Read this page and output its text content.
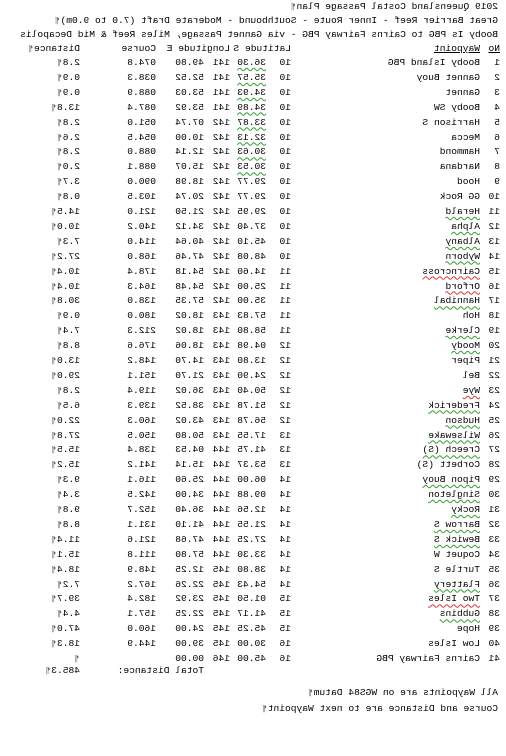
2019 Queensland Costal Passage Plan¶
Great Barrier Reef - Inner Route - Southbound - Moderate Draft (7.0 to 9.0m)¶
Booby Is PBG to Cairns Fairway PBG - via Gannet Passage, Miles Reef & Mid Decapolis
No
Waypoint
Latitude S
Longitude E
Course
Distance¶
1
Booby Island PBG
10
36.30
141
49.80
074.8
2.8¶
2
Gannet Buoy
10
35.57
141
52.52
038.3
0.9¶
3
Gannet
10
34.93
141
53.03
088.9
0.9¶
4
Booby SW
10
34.89
141
53.92
087.4
13.8¶
5
Harrison S
10
33.87
142
07.74
051.0
2.8¶
6
Mecca
10
32.13
142
10.00
054.5
2.6¶
7
Hammond
10
30.63
142
12.14
088.0
2.8¶
8
Nardana
10
30.53
142
15.07
088.1
2.0¶
9
Hood
10
29.77
142
18.98
090.0
3.7¶
10
GG Rock
10
29.77
142
20.74
103.5
0.8¶
11
Herald
10
29.95
142
21.50
121.0
14.5¶
12
Alpha
10
37.40
142
34.12
140.2
10.0¶
13
Albany
10
45.10
142
40.64
114.0
7.3¶
14
Wyborn
10
48.08
142
47.46
168.0
27.2¶
15
Cairncross
11
14.60
142
54.18
178.4
10.4¶
16
Orford
11
25.00
142
54.48
164.3
10.4¶
17
Hannibal
11
35.00
142
57.35
138.0
30.8¶
18
Hoh
11
57.83
143
18.02
180.0
0.9¶
19
Clerke
11
58.80
143
18.02
212.3
7.4¶
20
Moody
12
04.98
143
18.06
176.6
8.8¶
21
Piper
12
13.80
143
14.70
148.2
13.0¶
22
Bel
12
24.90
143
21.70
151.1
29.0¶
23
Wye
12
50.40
143
36.02
119.4
2.8¶
24
Frederick
12
51.78
143
38.52
139.3
6.5¶
25
Hudson
12
56.78
143
43.02
160.3
22.0¶
26
Wilsewake
13
17.55
143
50.80
150.5
27.8¶
27
Creech (S)
13
41.75
144
04.53
138.4
15.5¶
28
Corbett (S)
13
53.37
144
15.14
141.2
15.2¶
29
Pipon Buoy
14
06.00
144
25.60
116.1
9.3¶
30
Singleton
14
09.88
144
34.00
142.5
3.4¶
31
Rocky
14
12.56
144
36.40
152.7
9.8¶
32
Barrow S
14
21.55
144
41.10
131.1
8.8¶
33
Bewick S
14
27.25
144
47.68
121.6
11.4¶
34
Coquet W
14
33.30
144
57.80
111.8
15.1¶
35
Turtle S
14
38.80
145
12.25
148.9
18.4¶
36
Flattery
14
54.43
145
22.26
167.2
7.2¶
37
Two Isles
15
01.50
145
23.92
182.4
39.7¶
38
Gubbins
15
41.17
145
22.25
157.1
4.4¶
39
Hope
15
45.25
145
24.00
160.0
47.0¶
40
Low Isles
16
30.00
145
39.00
144.9
18.3¶
41
Cairns Fairway PBG
16
45.00
146
00.00
¶
Total Distance:
485.3¶
All Waypoints are on WGS84 Datum¶
Course and Distance are to next Waypoint¶
